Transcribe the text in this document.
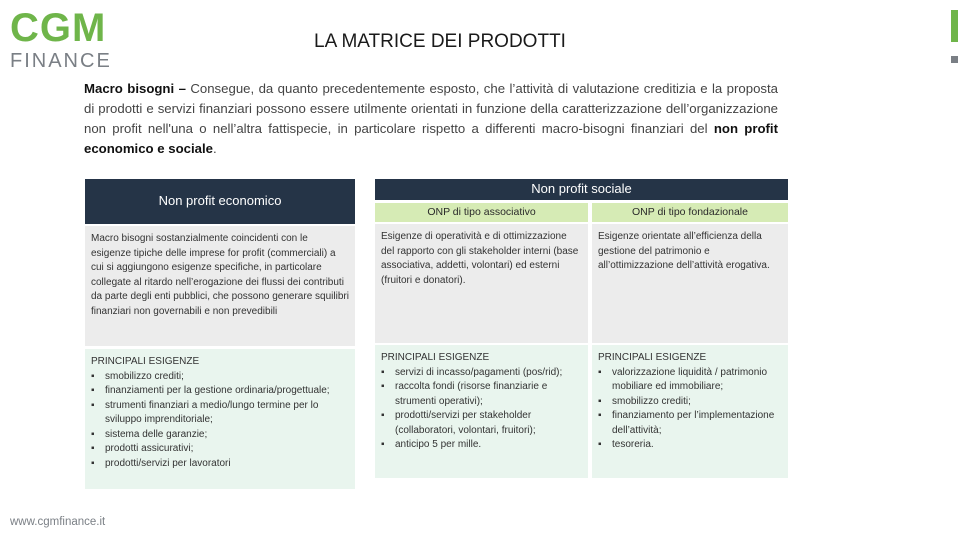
CGM
FINANCE
LA MATRICE DEI PRODOTTI
Macro bisogni – Consegue, da quanto precedentemente esposto, che l’attività di valutazione creditizia e la proposta di prodotti e servizi finanziari possono essere utilmente orientati in funzione della caratterizzazione dell’organizzazione non profit nell'una o nell’altra fattispecie, in particolare rispetto a differenti macro-bisogni finanziari del non profit economico e sociale.
Non profit economico
Non profit sociale
ONP di tipo associativo	ONP di tipo fondazionale
Macro bisogni sostanzialmente coincidenti con le esigenze tipiche delle imprese for profit (commerciali) a cui si aggiungono esigenze specifiche, in particolare collegate al ritardo nell’erogazione dei flussi dei contributi da parte degli enti pubblici, che possono generare squilibri finanziari non governabili e non prevedibili
Esigenze di operatività e di ottimizzazione del rapporto con gli stakeholder interni (base associativa, addetti, volontari) ed esterni (fruitori e donatori).
Esigenze orientate all’efficienza della gestione del patrimonio e all’ottimizzazione dell’attività erogativa.
PRINCIPALI ESIGENZE
▪ smobilizzo crediti;
▪ finanziamenti per la gestione ordinaria/progettuale;
▪ strumenti finanziari a medio/lungo termine per lo sviluppo imprenditoriale;
▪ sistema delle garanzie;
▪ prodotti assicurativi;
▪ prodotti/servizi per lavoratori
PRINCIPALI ESIGENZE
▪ servizi di incasso/pagamenti (pos/rid);
▪ raccolta fondi (risorse finanziarie e strumenti operativi);
▪ prodotti/servizi per stakeholder (collaboratori, volontari, fruitori);
▪ anticipo 5 per mille.
PRINCIPALI ESIGENZE
▪ valorizzazione liquidità / patrimonio mobiliare ed immobiliare;
▪ smobilizzo crediti;
▪ finanziamento per l’implementazione dell’attività;
▪ tesoreria.
www.cgmfinance.it
